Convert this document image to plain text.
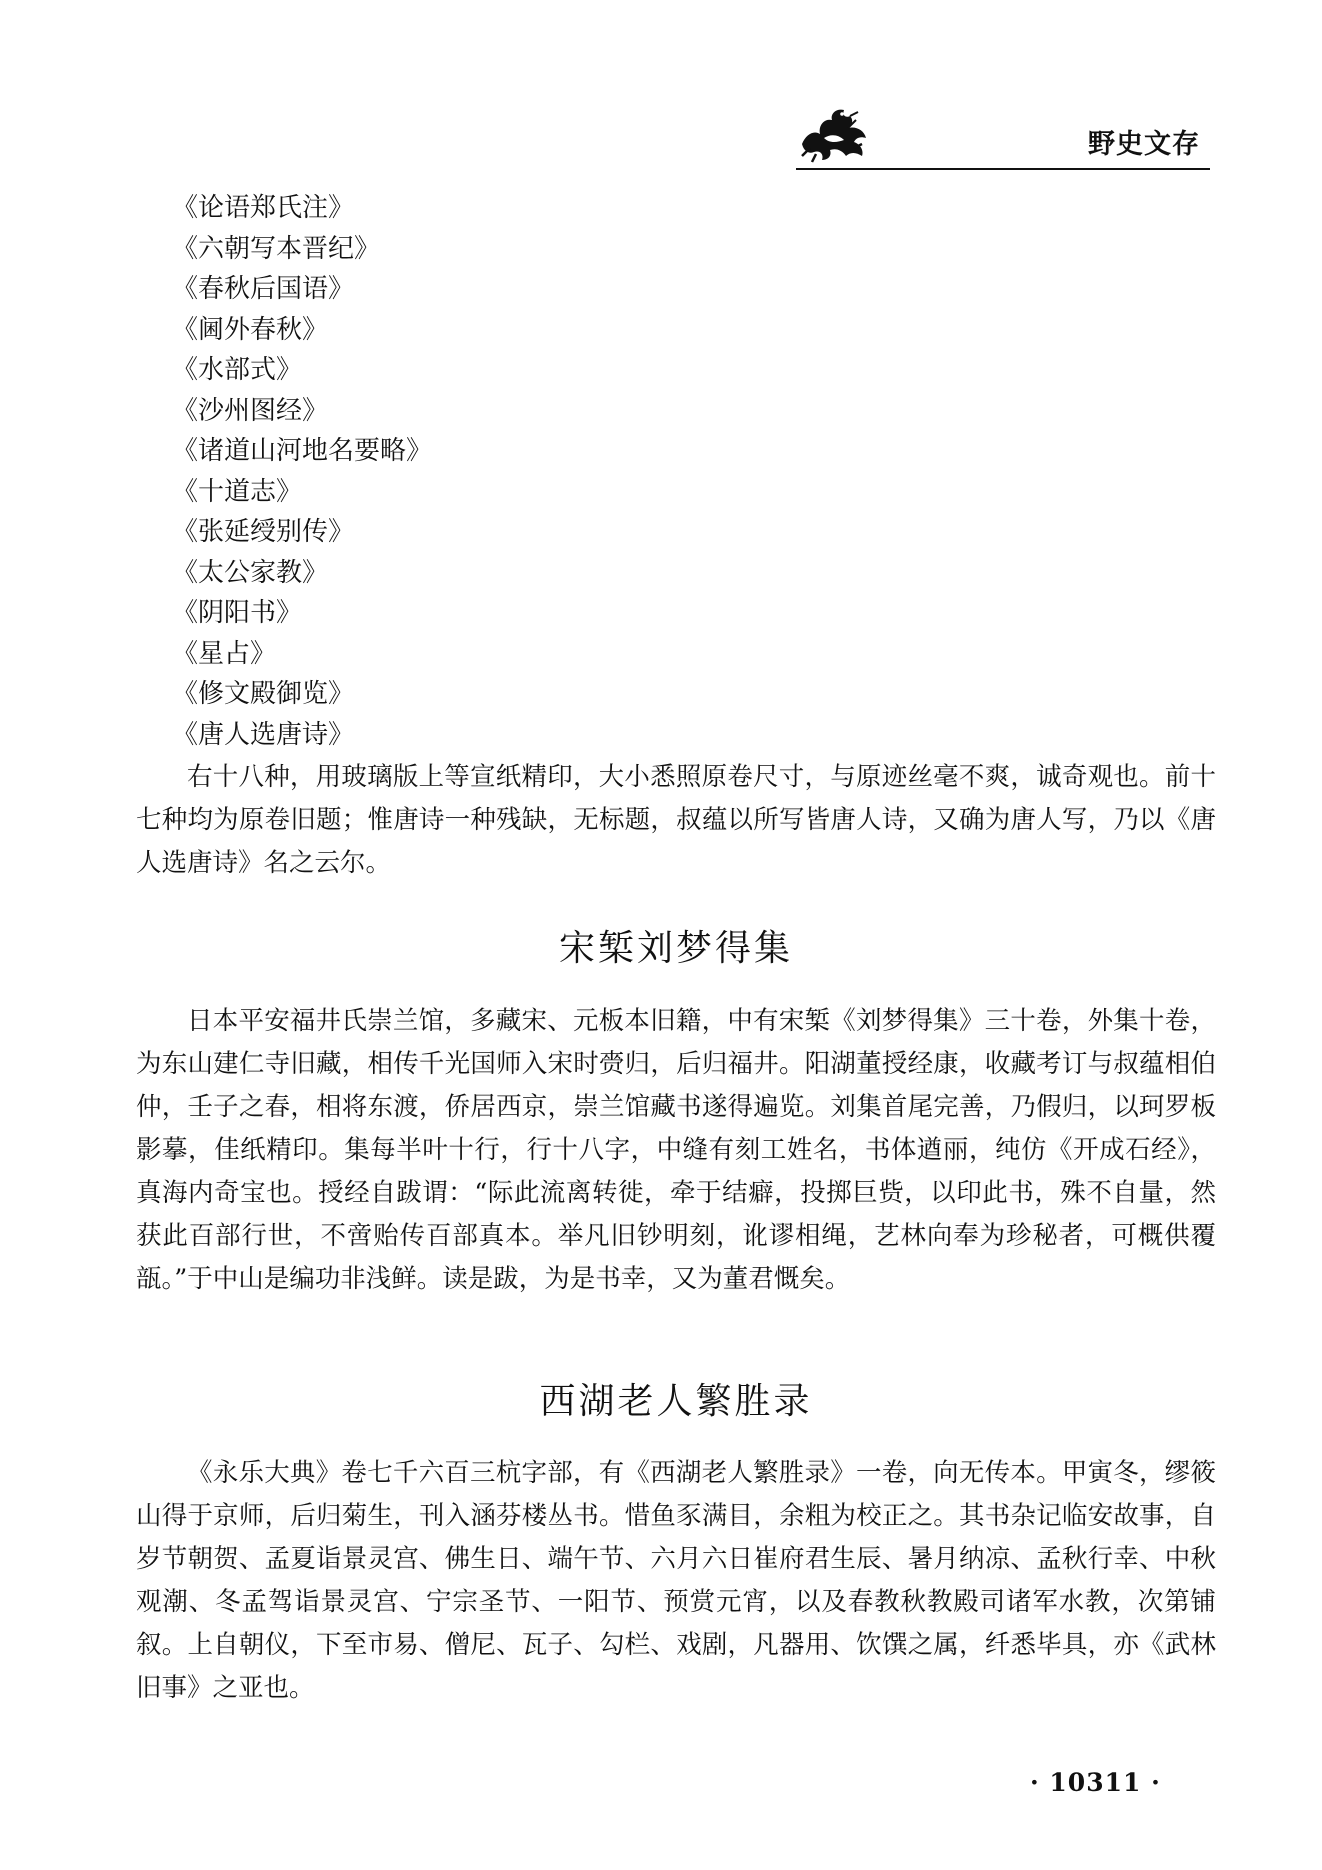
野史文存
《论语郑氏注》
《六朝写本晋纪》
《春秋后国语》
《阃外春秋》
《水部式》
《沙州图经》
《诸道山河地名要略》
《十道志》
《张延绶别传》
《太公家教》
《阴阳书》
《星占》
《修文殿御览》
《唐人选唐诗》

右十八种，用玻璃版上等宣纸精印，大小悉照原卷尺寸，与原迹丝毫不爽，诚奇观也。前十七种均为原卷旧题；惟唐诗一种残缺，无标题，叔蕴以所写皆唐人诗，又确为唐人写，乃以《唐人选唐诗》名之云尔。

宋椠刘梦得集

日本平安福井氏崇兰馆，多藏宋、元板本旧籍，中有宋椠《刘梦得集》三十卷，外集十卷，为东山建仁寺旧藏，相传千光国师入宋时赍归，后归福井。阳湖董授经康，收藏考订与叔蕴相伯仲，壬子之春，相将东渡，侨居西京，崇兰馆藏书遂得遍览。刘集首尾完善，乃假归，以珂罗板影摹，佳纸精印。集每半叶十行，行十八字，中缝有刻工姓名，书体遒丽，纯仿《开成石经》，真海内奇宝也。授经自跋谓：“际此流离转徙，牵于结癖，投掷巨赀，以印此书，殊不自量，然获此百部行世，不啻贻传百部真本。举凡旧钞明刻，讹谬相绳，艺林向奉为珍秘者，可概供覆瓿。”于中山是编功非浅鲜。读是跋，为是书幸，又为董君慨矣。

西湖老人繁胜录

《永乐大典》卷七千六百三杭字部，有《西湖老人繁胜录》一卷，向无传本。甲寅冬，缪筱山得于京师，后归菊生，刊入涵芬楼丛书。惜鱼豕满目，余粗为校正之。其书杂记临安故事，自岁节朝贺、孟夏诣景灵宫、佛生日、端午节、六月六日崔府君生辰、暑月纳凉、孟秋行幸、中秋观潮、冬孟驾诣景灵宫、宁宗圣节、一阳节、预赏元宵，以及春教秋教殿司诸军水教，次第铺叙。上自朝仪，下至市易、僧尼、瓦子、勾栏、戏剧，凡器用、饮馔之属，纤悉毕具，亦《武林旧事》之亚也。

· 10311 ·
